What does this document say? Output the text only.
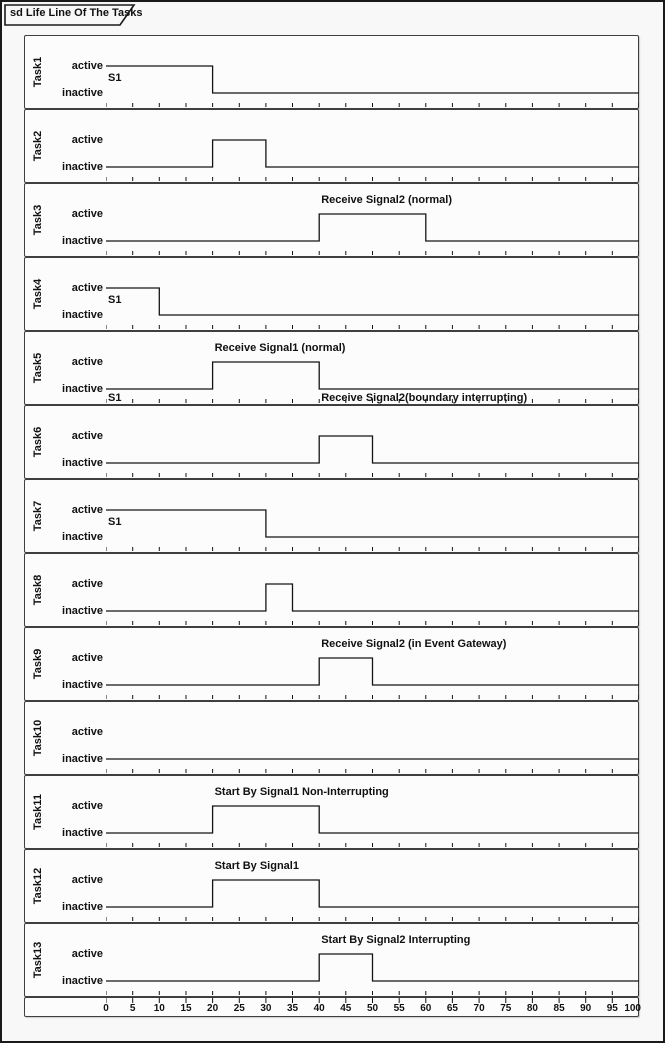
sd Life Line Of The Tasks
Task1	active
inactive
S1
Task2	active
inactive
Task3	active
inactive
Receive Signal2 (normal)
Task4	active
inactive
S1
Task5	active
inactive
Receive Signal1 (normal)
S1	Receive Signal2(boundary interrupting)
Task6	active
inactive
Task7	active
inactive
S1
Task8	active
inactive
Task9	active
inactive
Receive Signal2 (in Event Gateway)
Task10	active
inactive
Task11	active
inactive
Start By Signal1 Non-Interrupting
Task12	active
inactive
Start By Signal1
Task13	active
inactive
Start By Signal2 Interrupting
0 5 10 15 20 25 30 35 40 45 50 55 60 65 70 75 80 85 90 95 100
